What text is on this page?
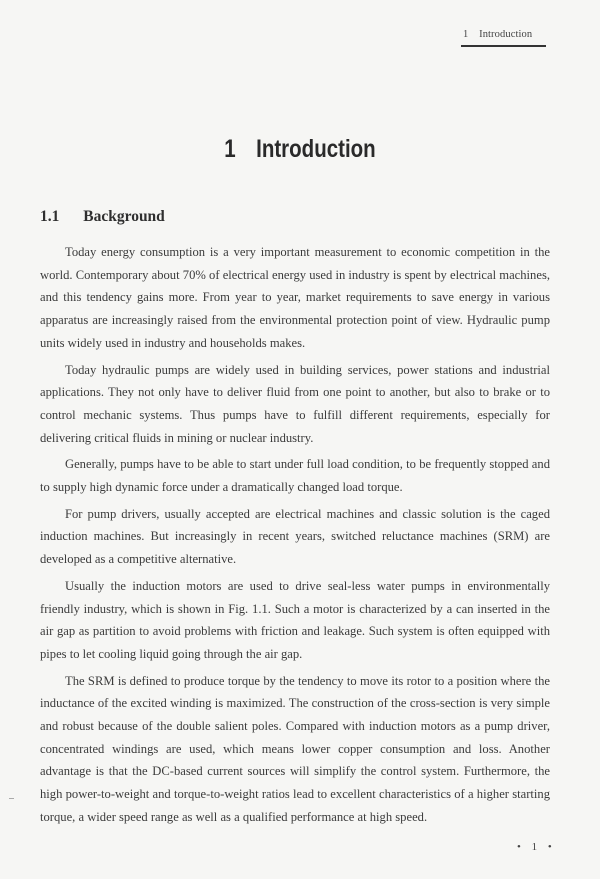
1 Introduction
1 Introduction
1.1 Background

Today energy consumption is a very important measurement to economic competition in the world. Contemporary about 70% of electrical energy used in industry is spent by electrical machines, and this tendency gains more. From year to year, market requirements to save energy in various apparatus are increasingly raised from the environmental protection point of view. Hydraulic pump units widely used in industry and households makes.

Today hydraulic pumps are widely used in building services, power stations and industrial applications. They not only have to deliver fluid from one point to another, but also to brake or to control mechanic systems. Thus pumps have to fulfill different requirements, especially for delivering critical fluids in mining or nuclear industry.

Generally, pumps have to be able to start under full load condition, to be frequently stopped and to supply high dynamic force under a dramatically changed load torque.

For pump drivers, usually accepted are electrical machines and classic solution is the caged induction machines. But increasingly in recent years, switched reluctance machines (SRM) are developed as a competitive alternative.

Usually the induction motors are used to drive seal-less water pumps in environmentally friendly industry, which is shown in Fig. 1.1. Such a motor is characterized by a can inserted in the air gap as partition to avoid problems with friction and leakage. Such system is often equipped with pipes to let cooling liquid going through the air gap.

The SRM is defined to produce torque by the tendency to move its rotor to a position where the inductance of the excited winding is maximized. The construction of the cross-section is very simple and robust because of the double salient poles. Compared with induction motors as a pump driver, concentrated windings are used, which means lower copper consumption and loss. Another advantage is that the DC-based current sources will simplify the control system. Furthermore, the high power-to-weight and torque-to-weight ratios lead to excellent characteristics of a higher starting torque, a wider speed range as well as a qualified performance at high speed.

• 1 •
